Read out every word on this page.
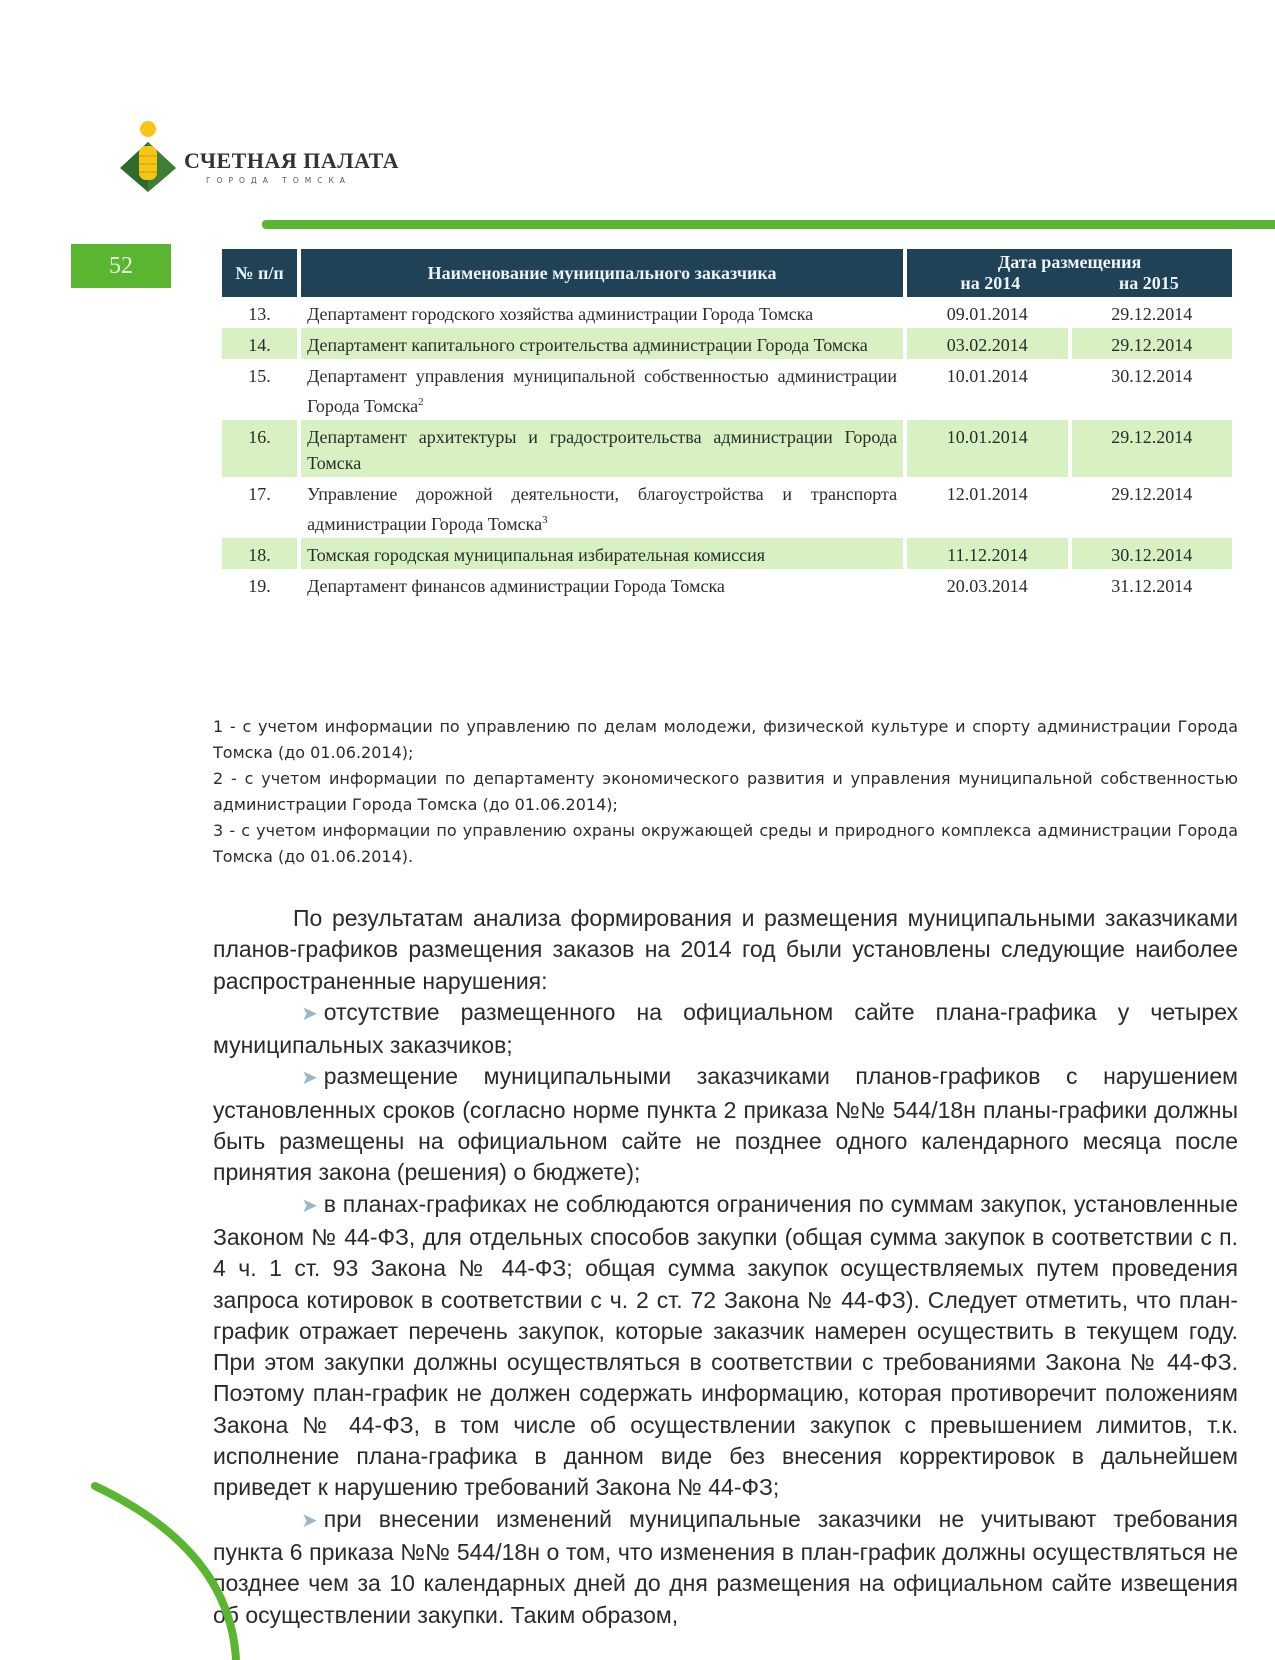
СЧЕТНАЯ ПАЛАТА
ГОРОДА ТОМСКА
52	№ п/п	Наименование муниципального заказчика	Дата размещения
на 2014 на 2015	

13.	Департамент городского хозяйства администрации Города Томска	09.01.2014	29.12.2014
14.	Департамент капитального строительства администрации Города Томска	03.02.2014	29.12.2014
15.	Департамент управления муниципальной собственностью администрации Города Томска$^2$	10.01.2014	30.12.2014
16.	Департамент архитектуры и градостроительства администрации Города Томска	10.01.2014	29.12.2014
17.	Управление дорожной деятельности, благоустройства и транспорта администрации Города Томска$^3$	12.01.2014	29.12.2014
18.	Томская городская муниципальная избирательная комиссия	11.12.2014	30.12.2014
19.	Департамент финансов администрации Города Томска	20.03.2014	31.12.2014

1 - с учетом информации по управлению по делам молодежи, физической культуре и спорту администрации Города Томска (до 01.06.2014);

2 - с учетом информации по департаменту экономического развития и управления муниципальной собственностью администрации Города Томска (до 01.06.2014);

3 - с учетом информации по управлению охраны окружающей среды и природного комплекса администрации Города Томска (до 01.06.2014).

По результатам анализа формирования и размещения муниципальными заказчиками планов-графиков размещения заказов на 2014 год были установлены следующие наиболее распространенные нарушения:

➤ отсутствие размещенного на официальном сайте плана-графика у четырех муниципальных заказчиков;

➤ размещение муниципальными заказчиками планов-графиков с нарушением установленных сроков (согласно норме пункта 2 приказа №№ 544/18н планы-графики должны быть размещены на официальном сайте не позднее одного календарного месяца после принятия закона (решения) о бюджете);

➤ в планах-графиках не соблюдаются ограничения по суммам закупок, установленные Законом № 44-ФЗ, для отдельных способов закупки (общая сумма закупок в соответствии с п. 4 ч. 1 ст. 93 Закона № 44-ФЗ; общая сумма закупок осуществляемых путем проведения запроса котировок в соответствии с ч. 2 ст. 72 Закона № 44-ФЗ). Следует отметить, что план-график отражает перечень закупок, которые заказчик намерен осуществить в текущем году. При этом закупки должны осуществляться в соответствии с требованиями Закона № 44-ФЗ. Поэтому план-график не должен содержать информацию, которая противоречит положениям Закона № 44-ФЗ, в том числе об осуществлении закупок с превышением лимитов, т.к. исполнение плана-графика в данном виде без внесения корректировок в дальнейшем приведет к нарушению требований Закона № 44-ФЗ;

➤ при внесении изменений муниципальные заказчики не учитывают требования пункта 6 приказа №№ 544/18н о том, что изменения в план-график должны осуществляться не позднее чем за 10 календарных дней до дня размещения на официальном сайте извещения об осуществлении закупки. Таким образом,
